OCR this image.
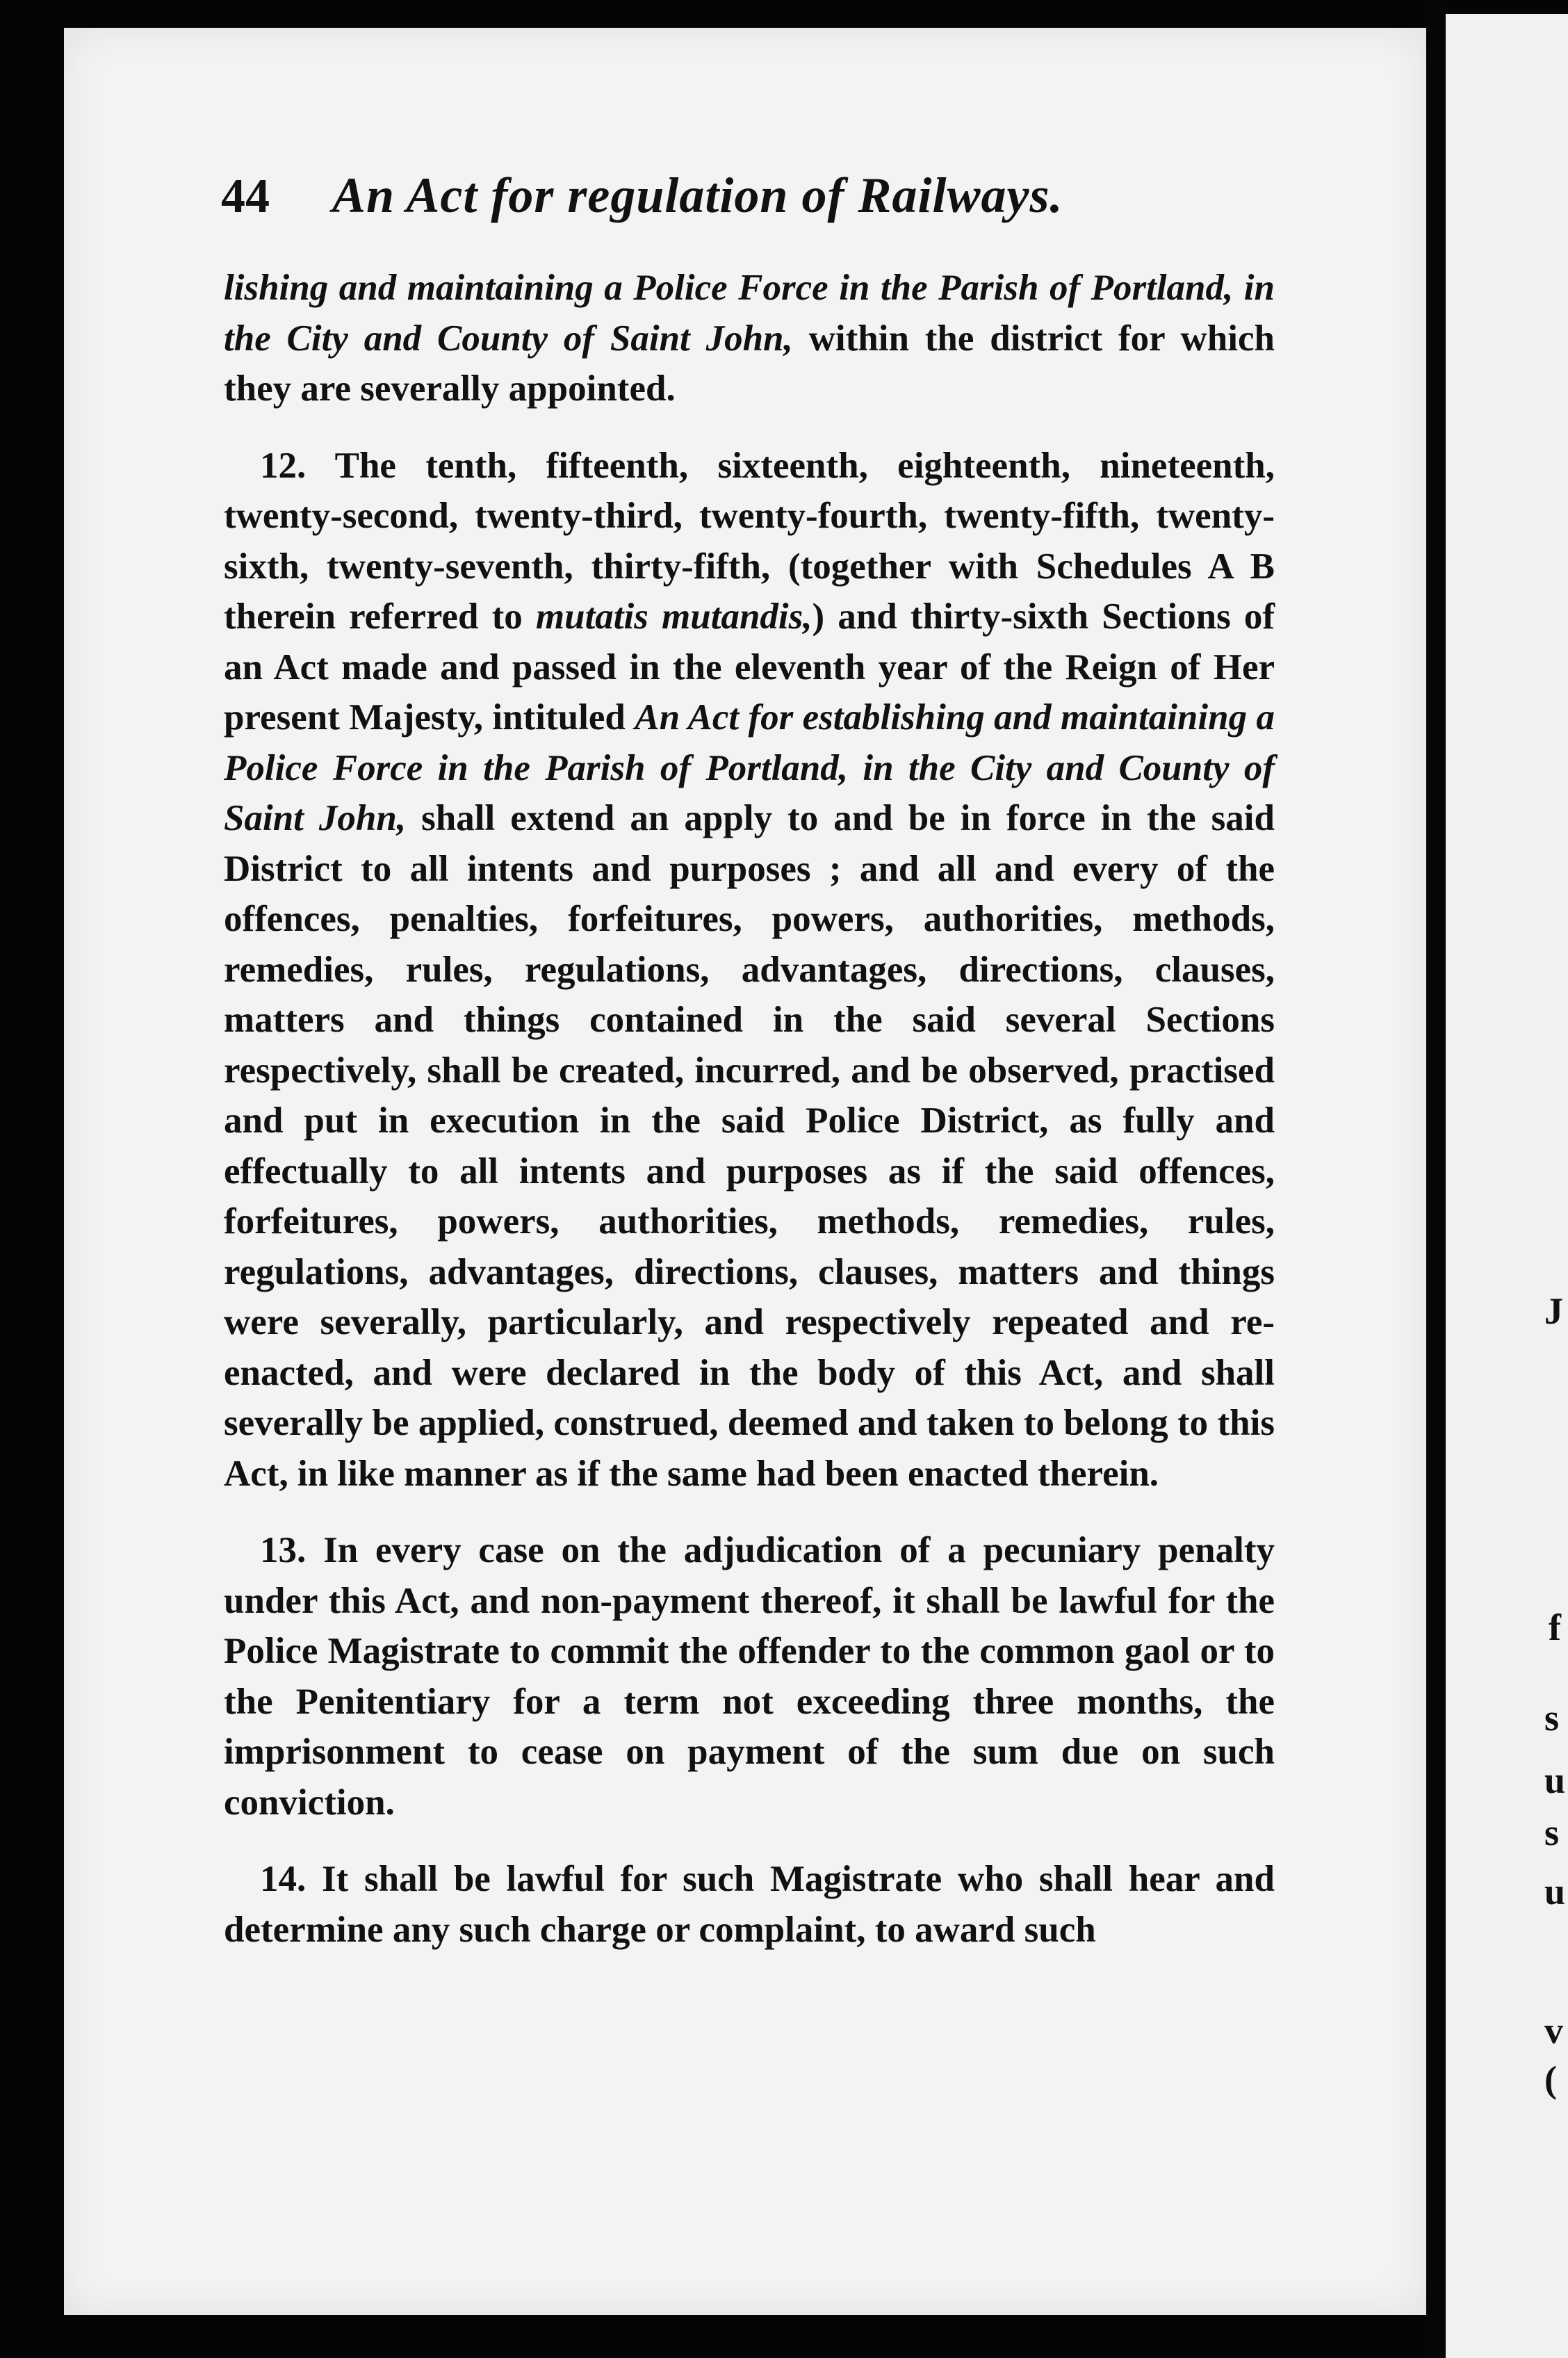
44 An Act for regulation of Railways.

lishing and maintaining a Police Force in the Parish of Portland, in the City and County of Saint John, within the district for which they are severally appointed.

12. The tenth, fifteenth, sixteenth, eighteenth, nineteenth, twenty-second, twenty-third, twenty-fourth, twenty-fifth, twenty-sixth, twenty-seventh, thirty-fifth, (together with Schedules A B therein referred to mutatis mutandis,) and thirty-sixth Sections of an Act made and passed in the eleventh year of the Reign of Her present Majesty, intituled An Act for establishing and maintaining a Police Force in the Parish of Portland, in the City and County of Saint John, shall extend an apply to and be in force in the said District to all intents and purposes ; and all and every of the offences, penalties, forfeitures, powers, authorities, methods, remedies, rules, regulations, advantages, directions, clauses, matters and things contained in the said several Sections respectively, shall be created, incurred, and be observed, practised and put in execution in the said Police District, as fully and effectually to all intents and purposes as if the said offences, forfeitures, powers, authorities, methods, remedies, rules, regulations, advantages, directions, clauses, matters and things were severally, particularly, and respectively repeated and re-enacted, and were declared in the body of this Act, and shall severally be applied, construed, deemed and taken to belong to this Act, in like manner as if the same had been enacted therein.

13. In every case on the adjudication of a pecuniary penalty under this Act, and non-payment thereof, it shall be lawful for the Police Magistrate to commit the offender to the common gaol or to the Penitentiary for a term not exceeding three months, the imprisonment to cease on payment of the sum due on such conviction.

14. It shall be lawful for such Magistrate who shall hear and determine any such charge or complaint, to award such

J
f
s
u
s
u
v
(
